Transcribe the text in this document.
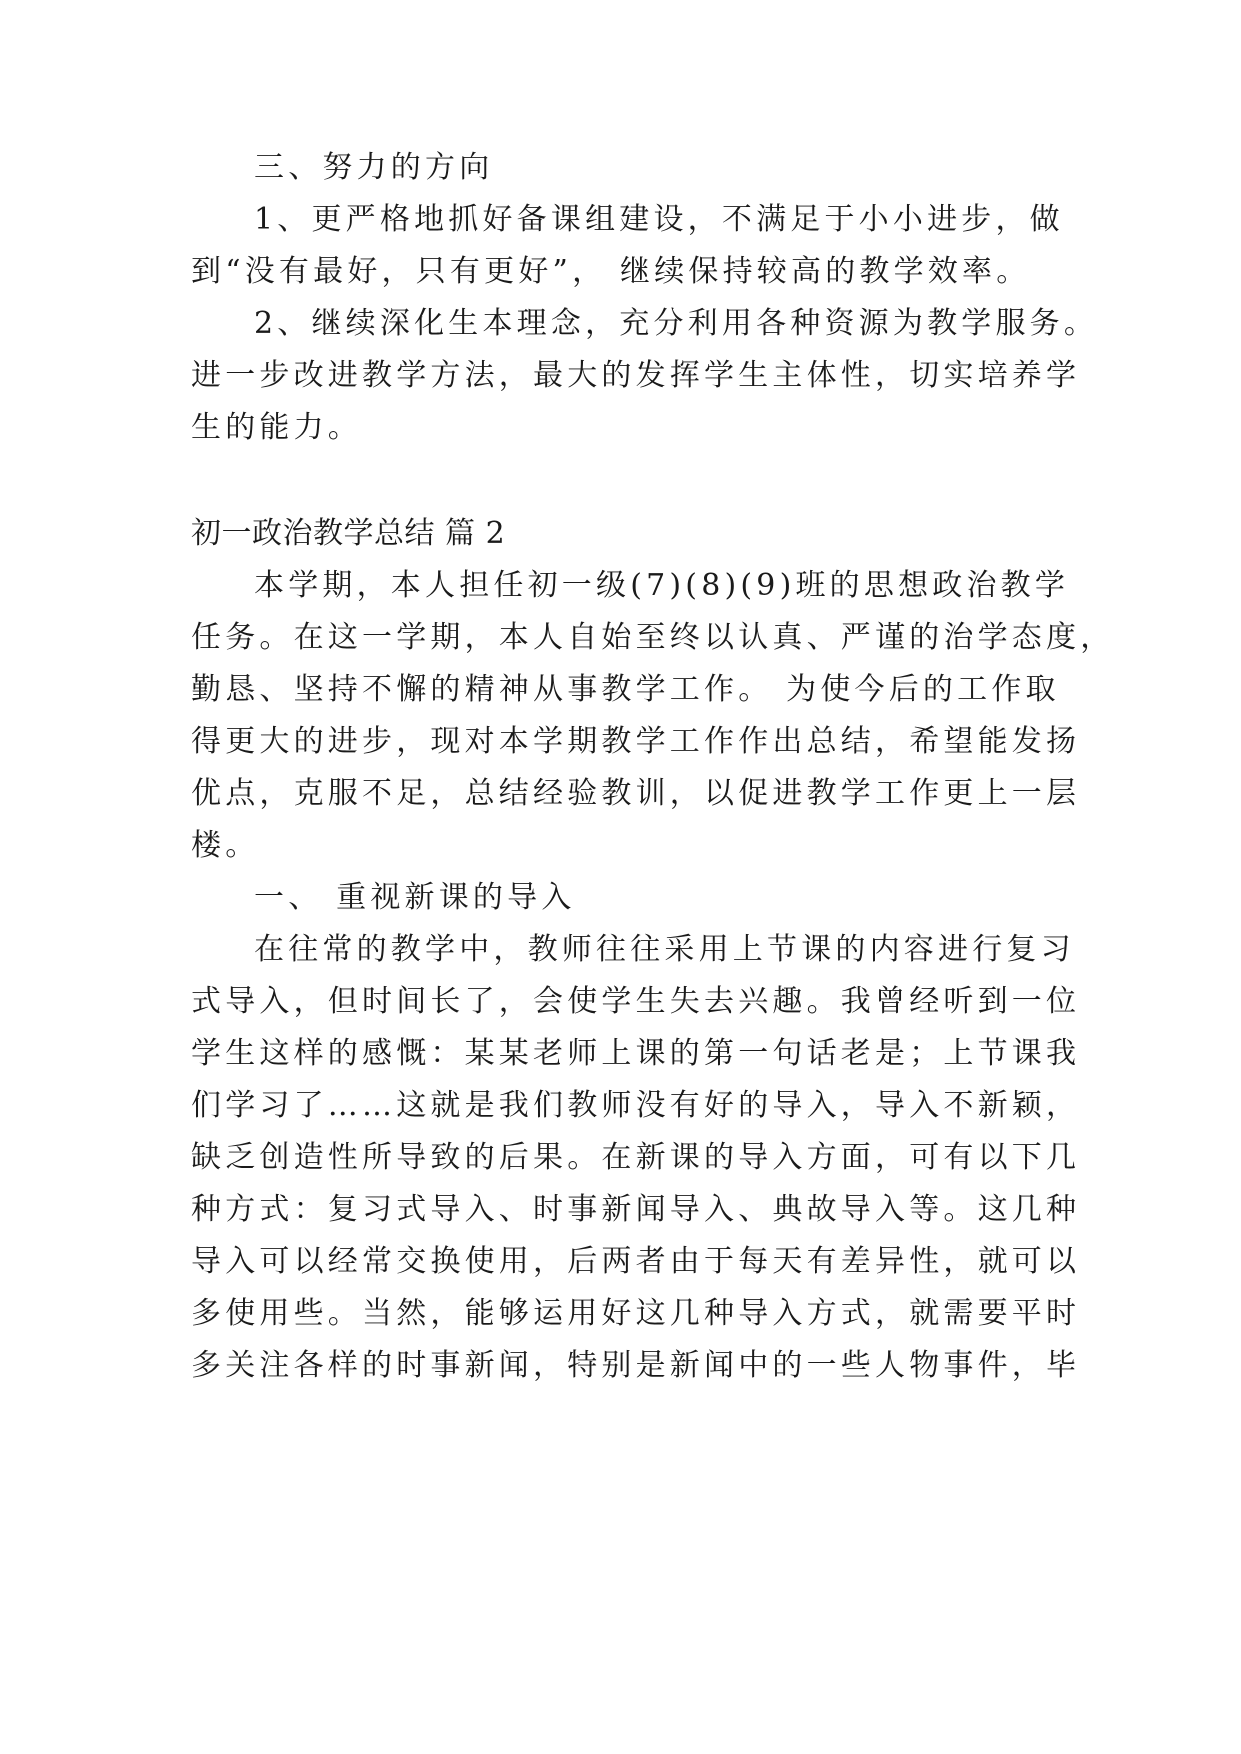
三、努力的方向
1、更严格地抓好备课组建设，不满足于小小进步，做
到“没有最好，只有更好”， 继续保持较高的教学效率。
2、继续深化生本理念，充分利用各种资源为教学服务。
进一步改进教学方法，最大的发挥学生主体性，切实培养学
生的能力。
初一政治教学总结 篇 2
本学期，本人担任初一级(7)(8)(9)班的思想政治教学
任务。在这一学期，本人自始至终以认真、严谨的治学态度，
勤恳、坚持不懈的精神从事教学工作。 为使今后的工作取
得更大的进步，现对本学期教学工作作出总结，希望能发扬
优点，克服不足，总结经验教训，以促进教学工作更上一层
楼。
一、 重视新课的导入
在往常的教学中，教师往往采用上节课的内容进行复习
式导入，但时间长了，会使学生失去兴趣。我曾经听到一位
学生这样的感慨：某某老师上课的第一句话老是；上节课我
们学习了……这就是我们教师没有好的导入，导入不新颖，
缺乏创造性所导致的后果。在新课的导入方面，可有以下几
种方式：复习式导入、时事新闻导入、典故导入等。这几种
导入可以经常交换使用，后两者由于每天有差异性，就可以
多使用些。当然，能够运用好这几种导入方式，就需要平时
多关注各样的时事新闻，特别是新闻中的一些人物事件，毕
